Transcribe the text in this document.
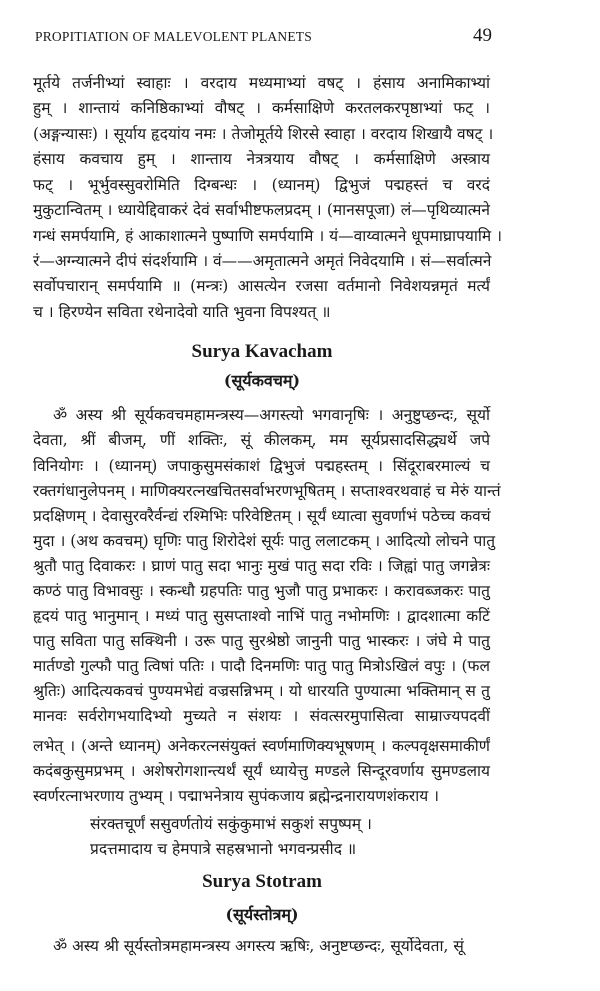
PROPITIATION OF MALEVOLENT PLANETS	49
मूर्तये तर्जनीभ्यां स्वाहाः । वरदाय मध्यमाभ्यां वषट् । हंसाय अनामिकाभ्यां
हुम् । शान्तायं कनिष्ठिकाभ्यां वौषट् । कर्मसाक्षिणे करतलकरपृष्ठाभ्यां फट् ।
(अङ्गन्यासः) । सूर्याय हृदयांय नमः । तेजोमूर्तये शिरसे स्वाहा । वरदाय शिखायै वषट् ।
हंसाय कवचाय हुम् । शान्ताय नेत्रत्रयाय वौषट् । कर्मसाक्षिणे अस्त्राय
फट् । भूर्भुवस्सुवरोमिति दिग्बन्धः । (ध्यानम्) द्विभुजं पद्महस्तं च वरदं
मुकुटान्वितम् । ध्यायेद्दिवाकरं देवं सर्वाभीष्टफलप्रदम् । (मानसपूजा) लं—पृथिव्यात्मने
गन्धं समर्पयामि, हं आकाशात्मने पुष्पाणि समर्पयामि । यं—वाय्वात्मने धूपमाघ्रापयामि ।
रं—अग्न्यात्मने दीपं संदर्शयामि । वं——अमृतात्मने अमृतं निवेदयामि । सं—सर्वात्मने
सर्वोपचारान् समर्पयामि ॥ (मन्त्रः) आसत्येन रजसा वर्तमानो निवेशयन्नमृतं मर्त्यं
च । हिरण्येन सविता रथेनादेवो याति भुवना विपश्यत् ॥
Surya Kavacham
(सूर्यकवचम्)
ॐ अस्य श्री सूर्यकवचमहामन्त्रस्य—अगस्त्यो भगवानृषिः । अनुष्टुप्छन्दः, सूर्यो
देवता, श्रीं बीजम्, णीं शक्तिः, सूं कीलकम्, मम सूर्यप्रसादसिद्ध्यर्थे जपे
विनियोगः । (ध्यानम्) जपाकुसुमसंकाशं द्विभुजं पद्महस्तम् । सिंदूराबरमाल्यं च
रक्तगंधानुलेपनम् । माणिक्यरत्नखचितसर्वाभरणभूषितम् । सप्ताश्वरथवाहं च मेरुं यान्तं
प्रदक्षिणम् । देवासुरवरैर्वन्द्यं रश्मिभिः परिवेष्टितम् । सूर्यं ध्यात्वा सुवर्णाभं पठेच्च कवचं
मुदा । (अथ कवचम्) घृणिः पातु शिरोदेशं सूर्यः पातु ललाटकम् । आदित्यो लोचने पातु
श्रुतौ पातु दिवाकरः । घ्राणं पातु सदा भानुः मुखं पातु सदा रविः । जिह्वां पातु जगन्नेत्रः
कण्ठं पातु विभावसुः । स्कन्धौ ग्रहपतिः पातु भुजौ पातु प्रभाकरः । करावब्जकरः पातु
हृदयं पातु भानुमान् । मध्यं पातु सुसप्ताश्वो नाभिं पातु नभोमणिः । द्वादशात्मा कटिं
पातु सविता पातु सक्थिनी । उरू पातु सुरश्रेष्ठो जानुनी पातु भास्करः । जंघे मे पातु
मार्तण्डो गुल्फौ पातु त्विषां पतिः । पादौ दिनमणिः पातु पातु मित्रोऽखिलं वपुः । (फल
श्रुतिः) आदित्यकवचं पुण्यमभेद्यं वज्रसन्निभम् । यो धारयति पुण्यात्मा भक्तिमान् स तु
मानवः सर्वरोगभयादिभ्यो मुच्यते न संशयः । संवत्सरमुपासित्वा साम्राज्यपदवीं
लभेत् । (अन्ते ध्यानम्) अनेकरत्नसंयुक्तं स्वर्णमाणिक्यभूषणम् । कल्पवृक्षसमाकीर्णं
कदंबकुसुमप्रभम् । अशेषरोगशान्त्यर्थं सूर्यं ध्यायेत्तु मण्डले सिन्दूरवर्णाय सुमण्डलाय
स्वर्णरत्नाभरणाय तुभ्यम् । पद्माभनेत्राय सुपंकजाय ब्रह्मेन्द्रनारायणशंकराय ।
संरक्तचूर्णं ससुवर्णतोयं सकुंकुमाभं सकुशं सपुष्पम् ।
प्रदत्तमादाय च हेमपात्रे सहस्रभानो भगवन्प्रसीद ॥
Surya Stotram
(सूर्यस्तोत्रम्)
ॐ अस्य श्री सूर्यस्तोत्रमहामन्त्रस्य अगस्त्य ऋषिः, अनुष्टप्छन्दः, सूर्योदेवता, सूं
